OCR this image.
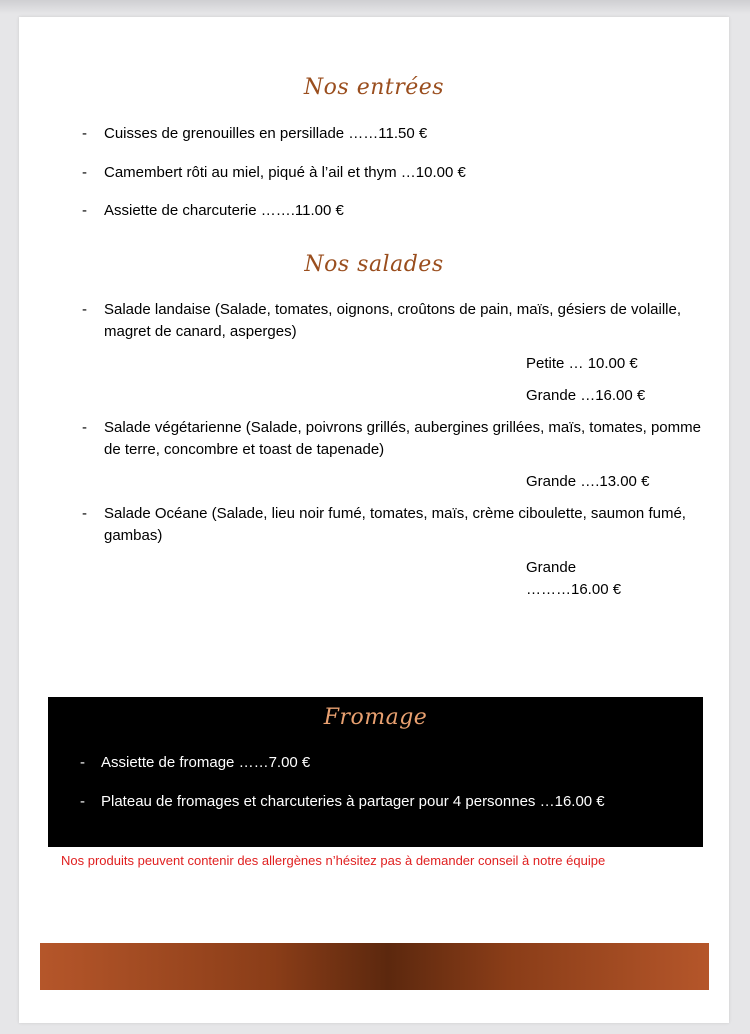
Nos entrées
- Cuisses de grenouilles en persillade ……11.50 €
- Camembert rôti au miel, piqué à l’ail et thym …10.00 €
- Assiette de charcuterie …….11.00 €
Nos salades
- Salade landaise (Salade, tomates, oignons, croûtons de pain, maïs, gésiers de volaille, magret de canard, asperges)
Petite … 10.00 €
Grande …16.00 €
- Salade végétarienne (Salade, poivrons grillés, aubergines grillées, maïs, tomates, pomme de terre, concombre et toast de tapenade)
Grande ….13.00 €
- Salade Océane (Salade, lieu noir fumé, tomates, maïs, crème ciboulette, saumon fumé, gambas)
Grande
………16.00 €
Fromage
- Assiette de fromage ……7.00 €
- Plateau de fromages et charcuteries à partager pour 4 personnes …16.00 €
Nos produits peuvent contenir des allergènes n’hésitez pas à demander conseil à notre équipe
